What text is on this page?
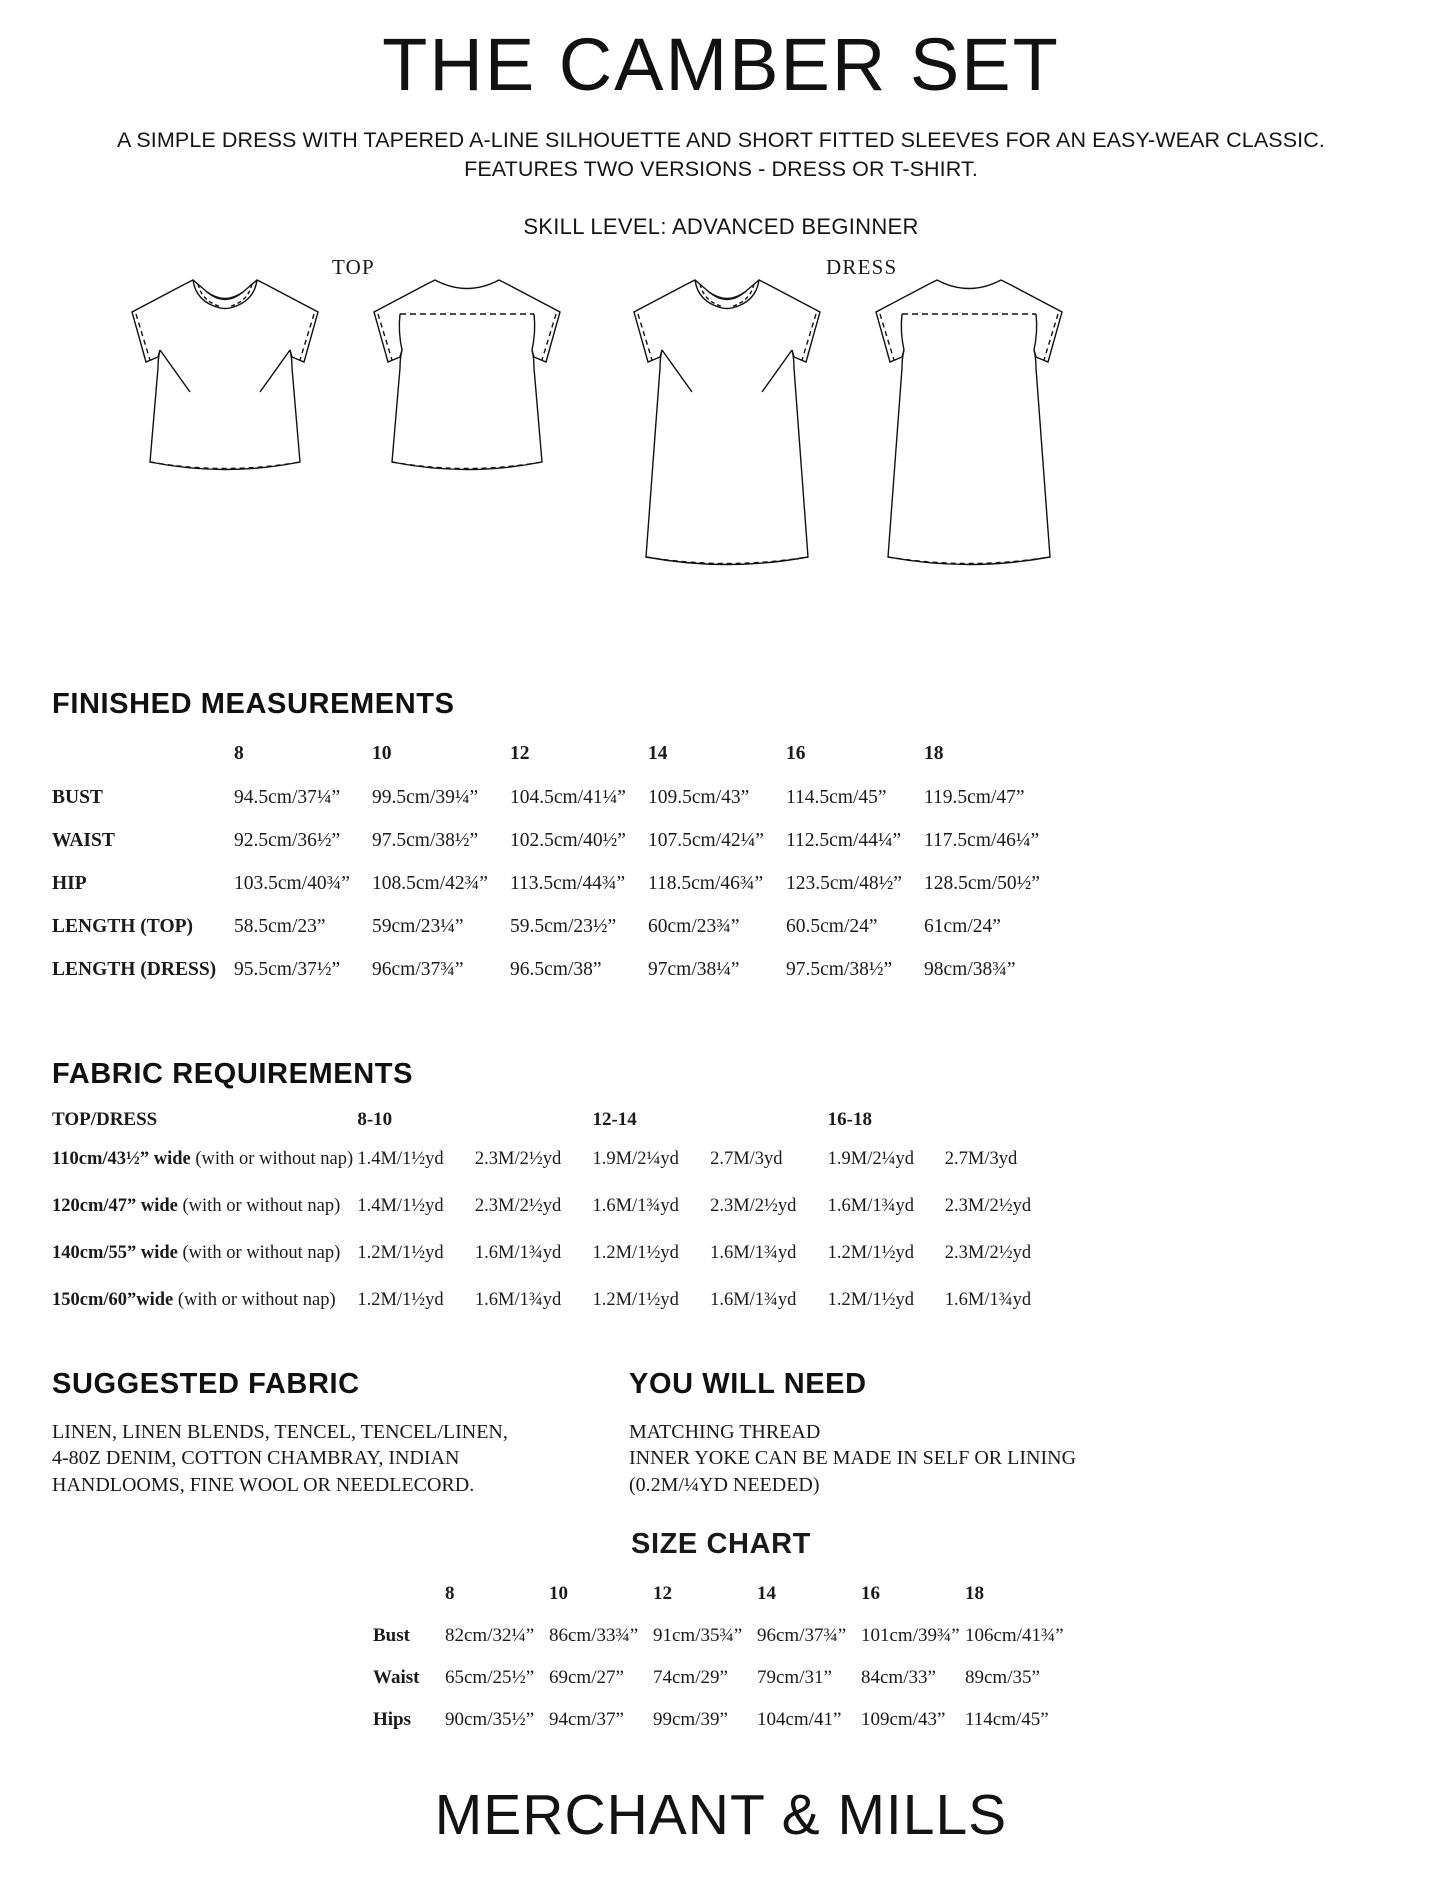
THE CAMBER SET
A SIMPLE DRESS WITH TAPERED A-LINE SILHOUETTE AND SHORT FITTED SLEEVES FOR AN EASY-WEAR CLASSIC.
FEATURES TWO VERSIONS - DRESS OR T-SHIRT.
SKILL LEVEL: ADVANCED BEGINNER
TOP	DRESS
FINISHED MEASUREMENTS
	8	10	12	14	16	18
BUST	94.5cm/37¼”	99.5cm/39¼”	104.5cm/41¼”	109.5cm/43”	114.5cm/45”	119.5cm/47”
WAIST	92.5cm/36½”	97.5cm/38½”	102.5cm/40½”	107.5cm/42¼”	112.5cm/44¼”	117.5cm/46¼”
HIP	103.5cm/40¾”	108.5cm/42¾”	113.5cm/44¾”	118.5cm/46¾”	123.5cm/48½”	128.5cm/50½”
LENGTH (TOP)	58.5cm/23”	59cm/23¼”	59.5cm/23½”	60cm/23¾”	60.5cm/24”	61cm/24”
LENGTH (DRESS)	95.5cm/37½”	96cm/37¾”	96.5cm/38”	97cm/38¼”	97.5cm/38½”	98cm/38¾”
FABRIC REQUIREMENTS
TOP/DRESS	8-10		12-14		16-18	
110cm/43½” wide (with or without nap)	1.4M/1½yd	2.3M/2½yd	1.9M/2¼yd	2.7M/3yd	1.9M/2¼yd	2.7M/3yd
120cm/47” wide (with or without nap)	1.4M/1½yd	2.3M/2½yd	1.6M/1¾yd	2.3M/2½yd	1.6M/1¾yd	2.3M/2½yd
140cm/55” wide (with or without nap)	1.2M/1½yd	1.6M/1¾yd	1.2M/1½yd	1.6M/1¾yd	1.2M/1½yd	2.3M/2½yd
150cm/60”wide (with or without nap)	1.2M/1½yd	1.6M/1¾yd	1.2M/1½yd	1.6M/1¾yd	1.2M/1½yd	1.6M/1¾yd
SUGGESTED FABRIC
LINEN, LINEN BLENDS, TENCEL, TENCEL/LINEN,
4-80Z DENIM, COTTON CHAMBRAY, INDIAN
HANDLOOMS, FINE WOOL OR NEEDLECORD.
YOU WILL NEED
MATCHING THREAD
INNER YOKE CAN BE MADE IN SELF OR LINING
(0.2M/¼YD NEEDED)
SIZE CHART
	8	10	12	14	16	18
Bust	82cm/32¼”	86cm/33¾”	91cm/35¾”	96cm/37¾”	101cm/39¾”	106cm/41¾”
Waist	65cm/25½”	69cm/27”	74cm/29”	79cm/31”	84cm/33”	89cm/35”
Hips	90cm/35½”	94cm/37”	99cm/39”	104cm/41”	109cm/43”	114cm/45”
MERCHANT & MILLS
